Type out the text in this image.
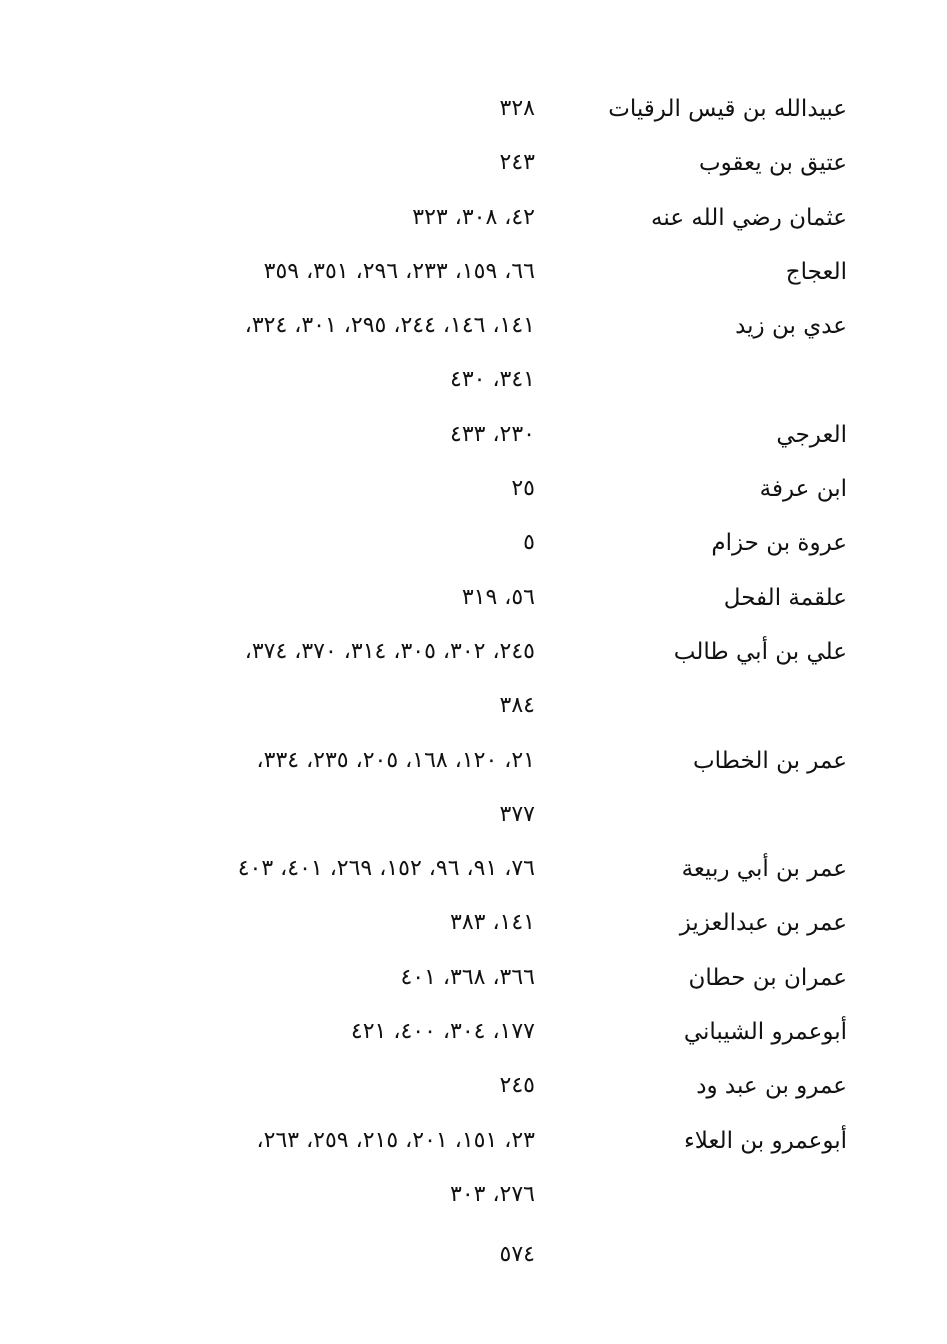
عبيدالله بن قيس الرقيات
٣٢٨
عتيق بن يعقوب
٢٤٣
عثمان رضي الله عنه
٤٢، ٣٠٨، ٣٢٣
العجاج
٦٦، ١٥٩، ٢٣٣، ٢٩٦، ٣٥١، ٣٥٩
عدي بن زيد
١٤١، ١٤٦، ٢٤٤، ٢٩٥، ٣٠١، ٣٢٤،
٣٤١، ٤٣٠
العرجي
٢٣٠، ٤٣٣
ابن عرفة
٢٥
عروة بن حزام
٥
علقمة الفحل
٥٦، ٣١٩
علي بن أبي طالب
٢٤٥، ٣٠٢، ٣٠٥، ٣١٤، ٣٧٠، ٣٧٤،
٣٨٤
عمر بن الخطاب
٢١، ١٢٠، ١٦٨، ٢٠٥، ٢٣٥، ٣٣٤،
٣٧٧
عمر بن أبي ربيعة
٧٦، ٩١، ٩٦، ١٥٢، ٢٦٩، ٤٠١، ٤٠٣
عمر بن عبدالعزيز
١٤١، ٣٨٣
عمران بن حطان
٣٦٦، ٣٦٨، ٤٠١
أبوعمرو الشيباني
١٧٧، ٣٠٤، ٤٠٠، ٤٢١
عمرو بن عبد ود
٢٤٥
أبوعمرو بن العلاء
٢٣، ١٥١، ٢٠١، ٢١٥، ٢٥٩، ٢٦٣،
٢٧٦، ٣٠٣
٥٧٤
